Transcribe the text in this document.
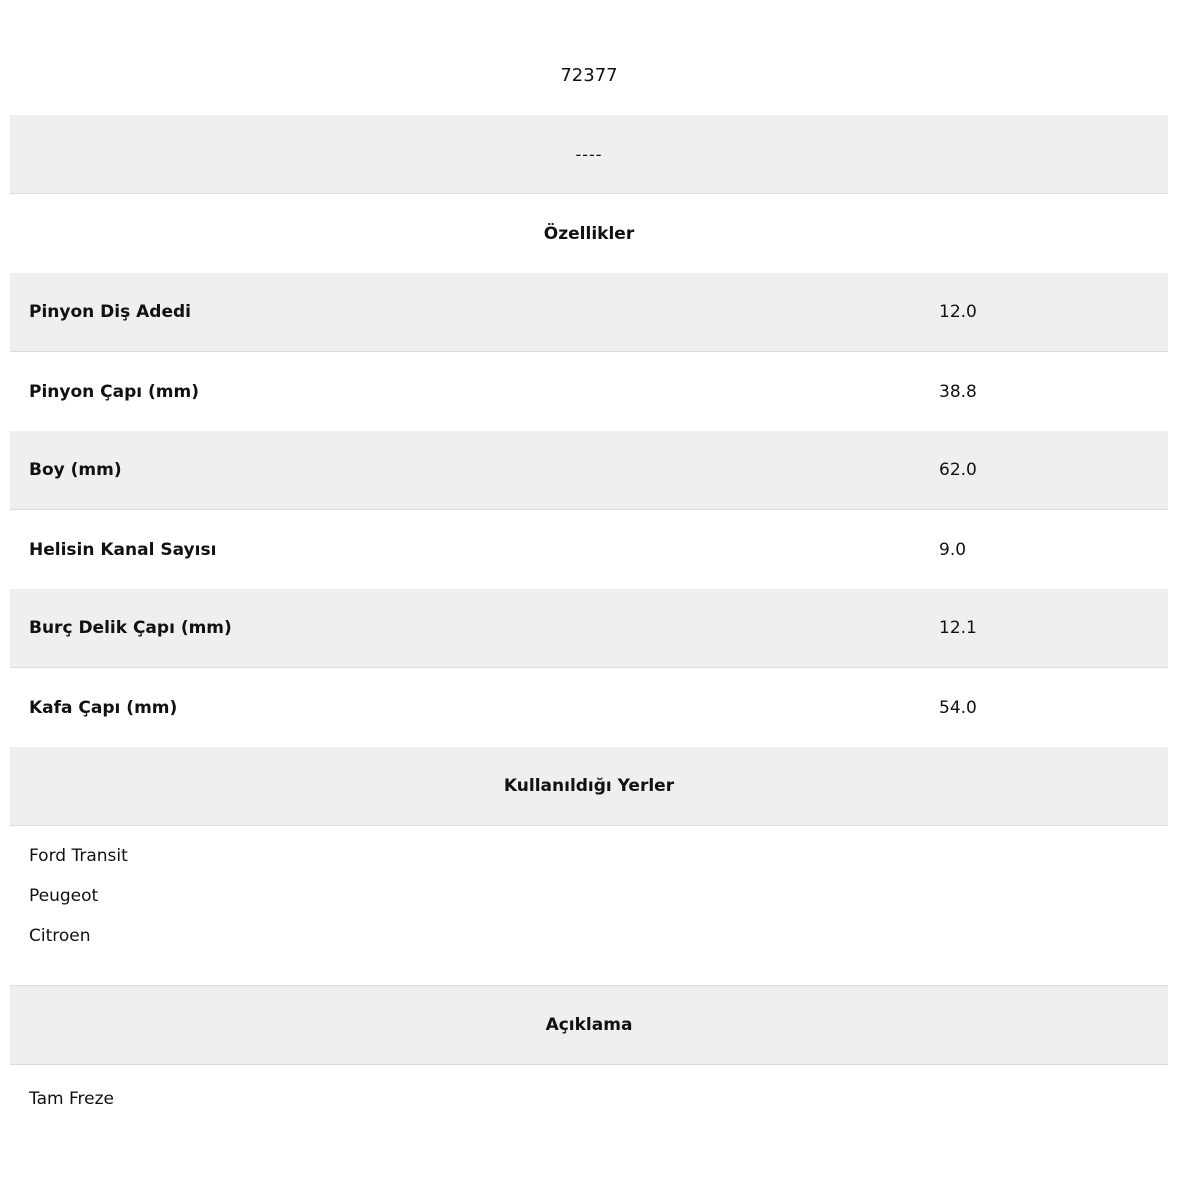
72377
----
Özellikler
Pinyon Diş Adedi	12.0
Pinyon Çapı (mm)	38.8
Boy (mm)	62.0
Helisin Kanal Sayısı	9.0
Burç Delik Çapı (mm)	12.1
Kafa Çapı (mm)	54.0
Kullanıldığı Yerler
Ford Transit
Peugeot
Citroen
Açıklama
Tam Freze
